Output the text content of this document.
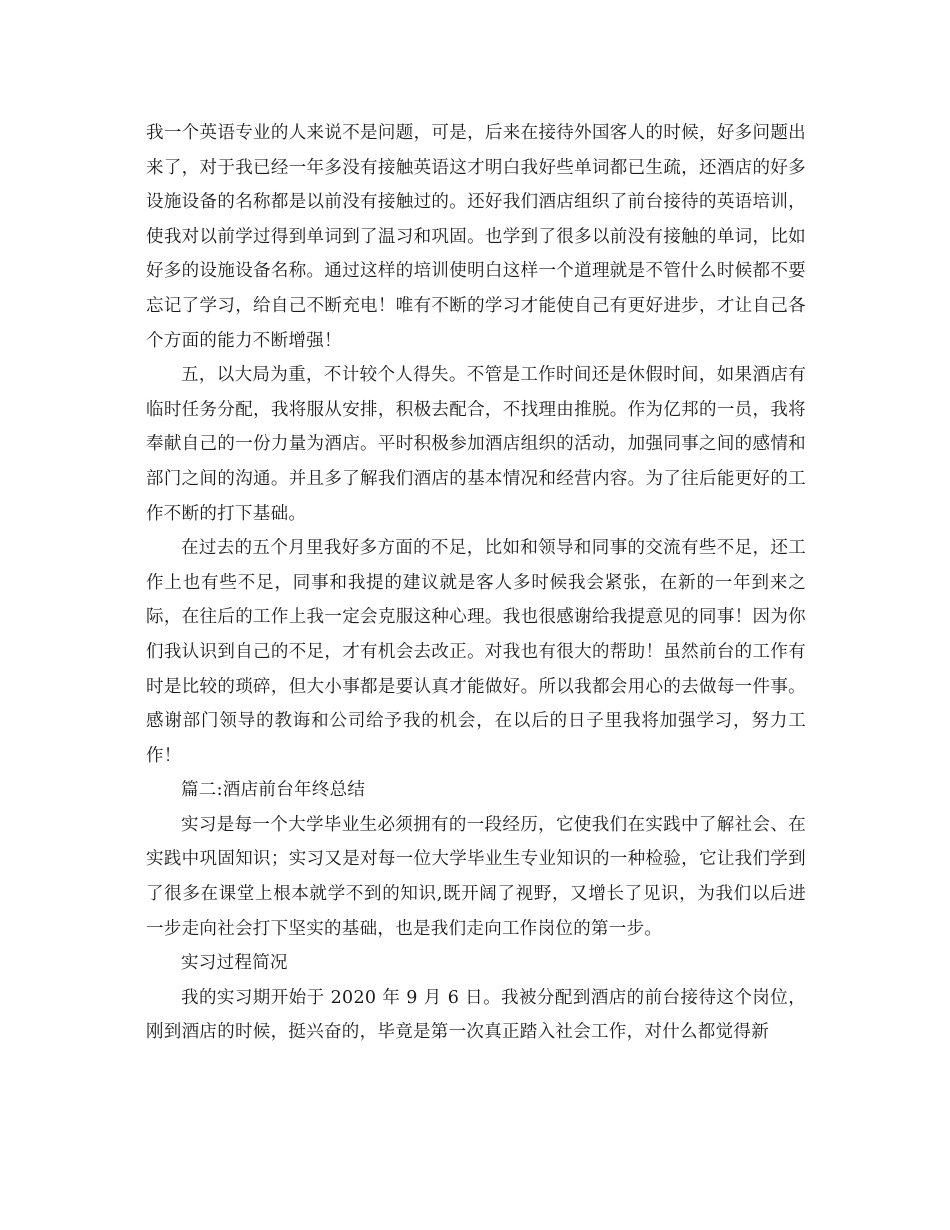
我一个英语专业的人来说不是问题，可是，后来在接待外国客人的时候，好多问题出来了，对于我已经一年多没有接触英语这才明白我好些单词都已生疏，还酒店的好多设施设备的名称都是以前没有接触过的。还好我们酒店组织了前台接待的英语培训，使我对以前学过得到单词到了温习和巩固。也学到了很多以前没有接触的单词，比如好多的设施设备名称。通过这样的培训使明白这样一个道理就是不管什么时候都不要忘记了学习，给自己不断充电！唯有不断的学习才能使自己有更好进步，才让自己各个方面的能力不断增强！

五，以大局为重，不计较个人得失。不管是工作时间还是休假时间，如果酒店有临时任务分配，我将服从安排，积极去配合，不找理由推脱。作为亿邦的一员，我将奉献自己的一份力量为酒店。平时积极参加酒店组织的活动，加强同事之间的感情和部门之间的沟通。并且多了解我们酒店的基本情况和经营内容。为了往后能更好的工作不断的打下基础。

在过去的五个月里我好多方面的不足，比如和领导和同事的交流有些不足，还工作上也有些不足，同事和我提的建议就是客人多时候我会紧张，在新的一年到来之际，在往后的工作上我一定会克服这种心理。我也很感谢给我提意见的同事！因为你们我认识到自己的不足，才有机会去改正。对我也有很大的帮助！虽然前台的工作有时是比较的琐碎，但大小事都是要认真才能做好。所以我都会用心的去做每一件事。感谢部门领导的教诲和公司给予我的机会，在以后的日子里我将加强学习，努力工作！

篇二:酒店前台年终总结

实习是每一个大学毕业生必须拥有的一段经历，它使我们在实践中了解社会、在实践中巩固知识；实习又是对每一位大学毕业生专业知识的一种检验，它让我们学到了很多在课堂上根本就学不到的知识,既开阔了视野，又增长了见识，为我们以后进一步走向社会打下坚实的基础，也是我们走向工作岗位的第一步。

实习过程简况

我的实习期开始于 2020 年 9 月 6 日。我被分配到酒店的前台接待这个岗位，刚到酒店的时候，挺兴奋的，毕竟是第一次真正踏入社会工作，对什么都觉得新
